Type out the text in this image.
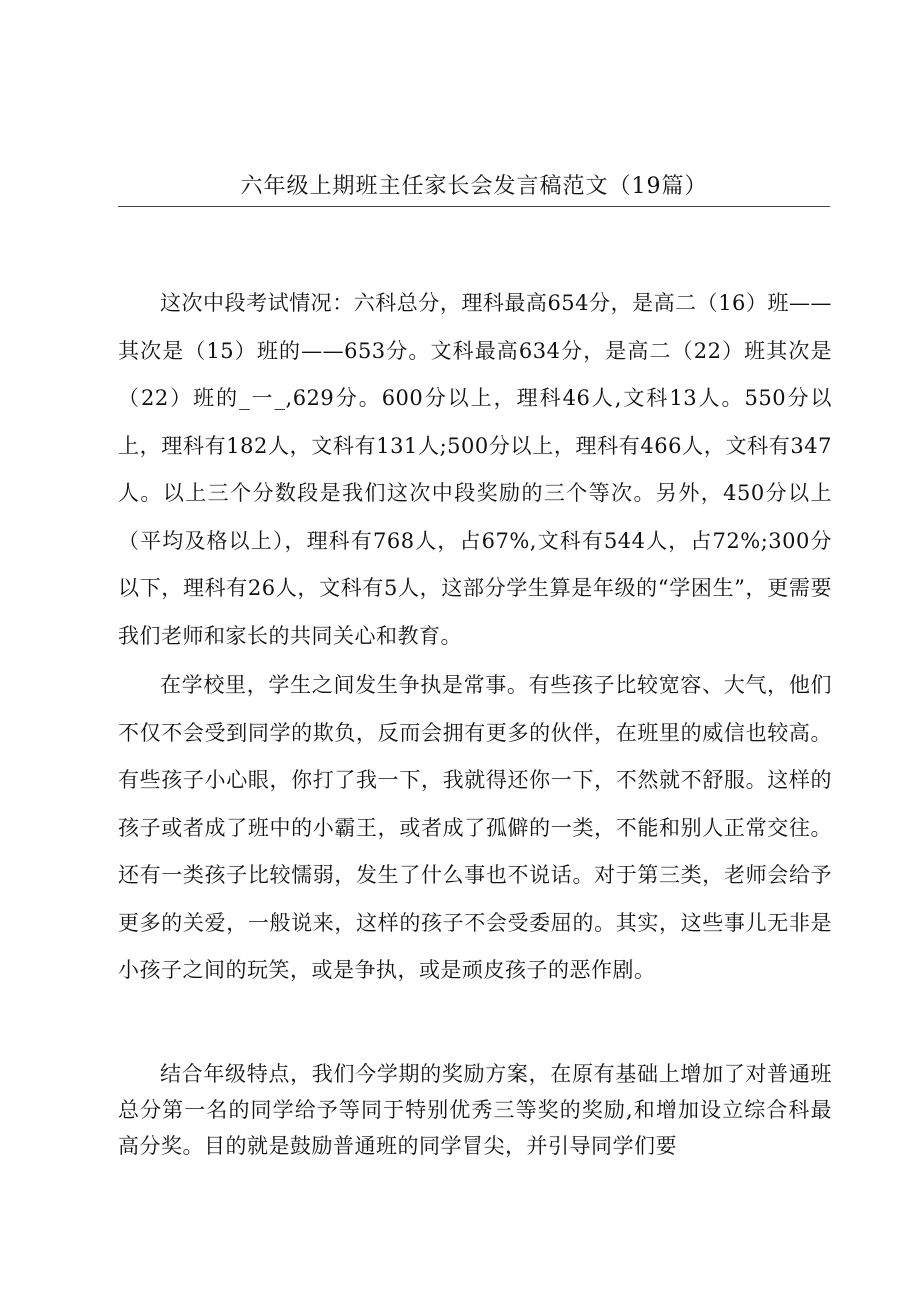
六年级上期班主任家长会发言稿范文（19篇）

这次中段考试情况：六科总分，理科最高654分，是高二（16）班——其次是（15）班的——653分。文科最高634分，是高二（22）班其次是（22）班的_一_,629分。600分以上，理科46人,文科13人。550分以上，理科有182人，文科有131人;500分以上，理科有466人，文科有347人。以上三个分数段是我们这次中段奖励的三个等次。另外，450分以上（平均及格以上），理科有768人，占67%,文科有544人，占72%;300分以下，理科有26人，文科有5人，这部分学生算是年级的“学困生”，更需要我们老师和家长的共同关心和教育。

在学校里，学生之间发生争执是常事。有些孩子比较宽容、大气，他们不仅不会受到同学的欺负，反而会拥有更多的伙伴，在班里的威信也较高。有些孩子小心眼，你打了我一下，我就得还你一下，不然就不舒服。这样的孩子或者成了班中的小霸王，或者成了孤僻的一类，不能和别人正常交往。还有一类孩子比较懦弱，发生了什么事也不说话。对于第三类，老师会给予更多的关爱，一般说来，这样的孩子不会受委屈的。其实，这些事儿无非是小孩子之间的玩笑，或是争执，或是顽皮孩子的恶作剧。

结合年级特点，我们今学期的奖励方案，在原有基础上增加了对普通班总分第一名的同学给予等同于特别优秀三等奖的奖励,和增加设立综合科最高分奖。目的就是鼓励普通班的同学冒尖，并引导同学们要
